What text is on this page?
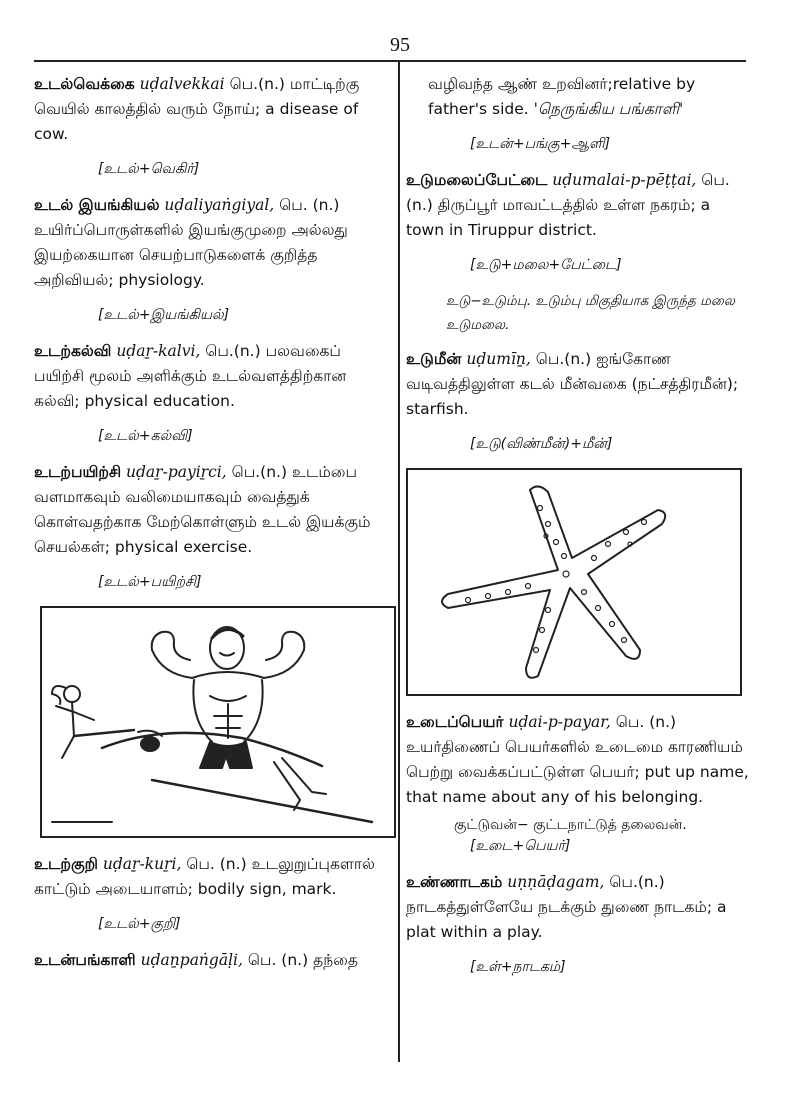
95

உடல்வெக்கை uḍalvekkai பெ.(n.) மாட்டிற்கு வெயில் காலத்தில் வரும் நோய்; a disease of cow.

[உடல்+வெகிர்]

உடல் இயங்கியல் uḍaliyaṅgiyal, பெ. (n.) உயிர்ப்பொருள்களில் இயங்குமுறை அல்லது இயற்கையான செயற்பாடுகளைக் குறித்த அறிவியல்; physiology.

[உடல்+இயங்கியல்]

உடற்கல்வி uḍaṟ-kalvi, பெ.(n.) பலவகைப் பயிற்சி மூலம் அளிக்கும் உடல்வளத்திற்கான கல்வி; physical education.

[உடல்+கல்வி]

உடற்பயிற்சி uḍaṟ-payiṟci, பெ.(n.) உடம்பை வளமாகவும் வலிமையாகவும் வைத்துக் கொள்வதற்காக மேற்கொள்ளும் உடல் இயக்கும் செயல்கள்; physical exercise.

[உடல்+பயிற்சி]

உடற்குறி uḍaṟ-kuṟi, பெ. (n.) உடலுறுப்புகளால் காட்டும் அடையாளம்; bodily sign, mark.

[உடல்+குறி]

உடன்பங்காளி uḍaṉpaṅgāḷi, பெ. (n.) தந்தை

வழிவந்த ஆண் உறவினர்;relative by father's side. 'நெருங்கிய பங்காளி'

[உடன்+பங்கு+ஆளி]

உடுமலைப்பேட்டை uḍumalai-p-pēṭṭai, பெ.(n.) திருப்பூர் மாவட்டத்தில் உள்ள நகரம்; a town in Tiruppur district.

[உடு+மலை+பேட்டை]
உடு−உடும்பு. உடும்பு மிகுதியாக இருந்த மலை உடுமலை.

உடுமீன் uḍumīṉ, பெ.(n.) ஐங்கோண வடிவத்திலுள்ள கடல் மீன்வகை (நட்சத்திரமீன்); starfish.

[உடு(விண்மீன்)+மீன்]

உடைப்பெயர் uḍai-p-payar, பெ. (n.) உயர்திணைப் பெயர்களில் உடைமை காரணியம் பெற்று வைக்கப்பட்டுள்ள பெயர்; put up name, that name about any of his belonging.

குட்டுவன்− குட்டநாட்டுத் தலைவன்.
[உடை+பெயர்]

உண்ணாடகம் uṇṇāḍagam, பெ.(n.) நாடகத்துள்ளேயே நடக்கும் துணை நாடகம்; a plat within a play.

[உள்+நாடகம்]
